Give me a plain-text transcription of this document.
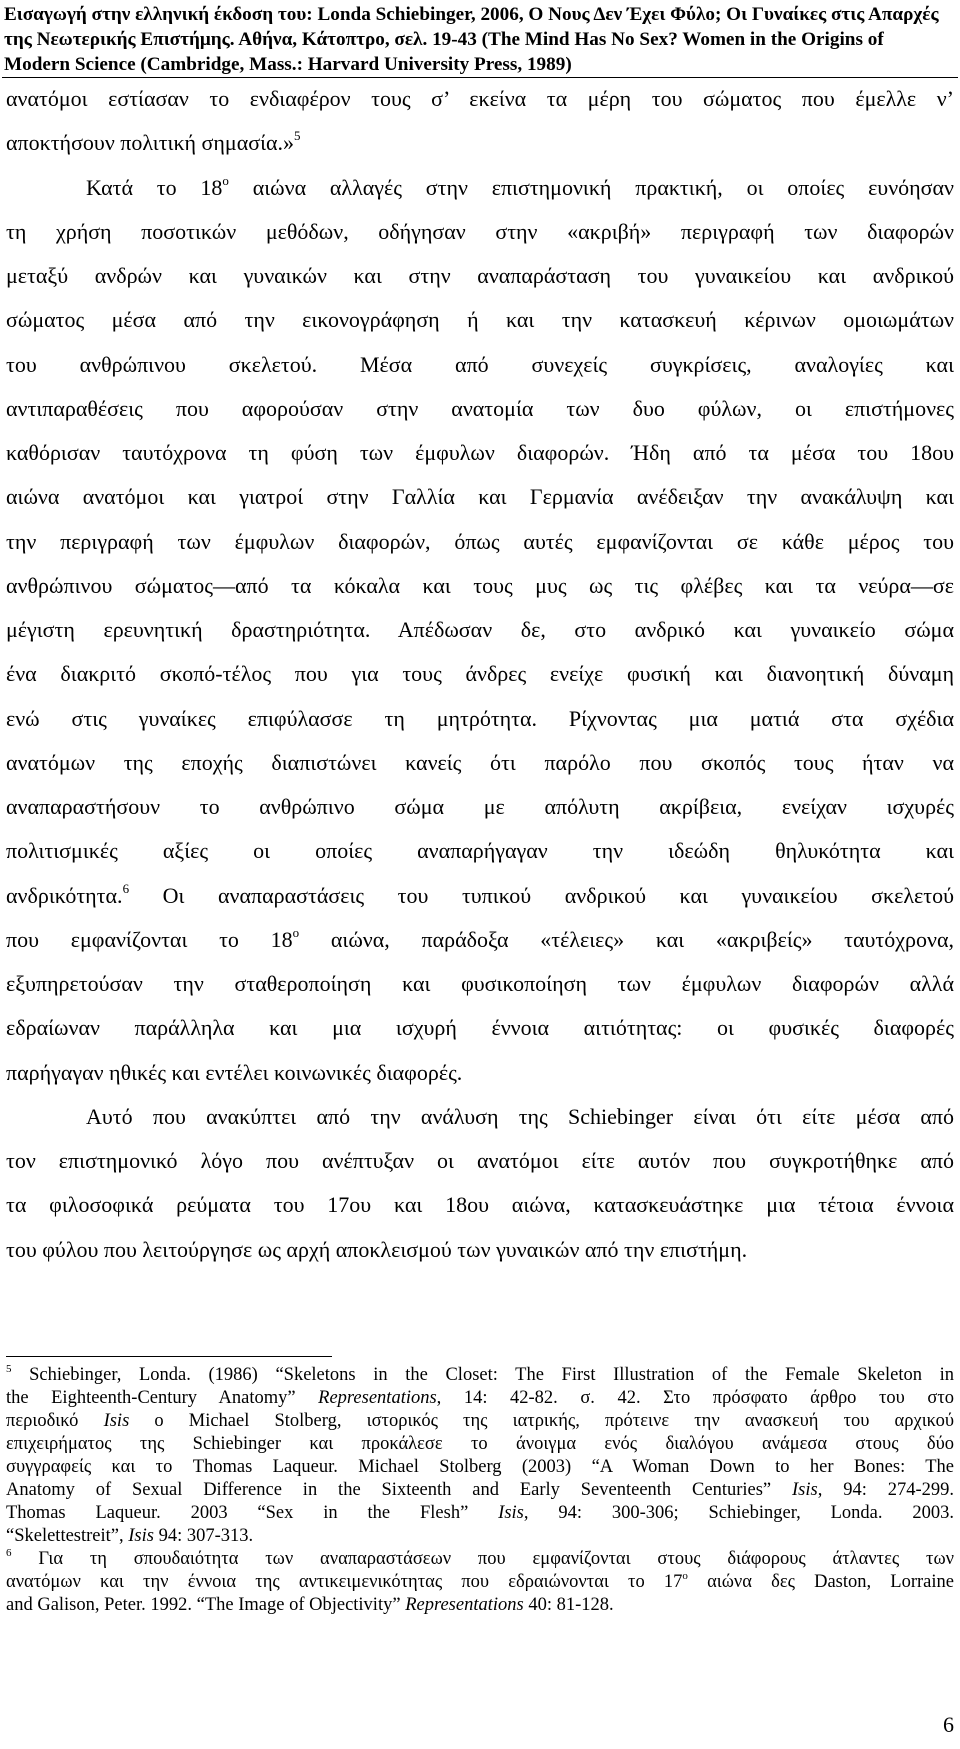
Εισαγωγή στην ελληνική έκδοση του: Londa Schiebinger, 2006, Ο Νους Δεν Έχει Φύλο; Οι Γυναίκες στις Απαρχές
της Νεωτερικής Επιστήμης. Αθήνα, Κάτοπτρο, σελ. 19-43 (The Mind Has No Sex? Women in the Origins of
Modern Science (Cambridge, Mass.: Harvard University Press, 1989)
ανατόμοι εστίασαν το ενδιαφέρον τους σ’ εκείνα τα μέρη του σώματος που έμελλε ν’
αποκτήσουν πολιτική σημασία.»$^5$
Κατά το $18^o$ αιώνα αλλαγές στην επιστημονική πρακτική, οι οποίες ευνόησαν
τη χρήση ποσοτικών μεθόδων, οδήγησαν στην «ακριβή» περιγραφή των διαφορών
μεταξύ ανδρών και γυναικών και στην αναπαράσταση του γυναικείου και ανδρικού
σώματος μέσα από την εικονογράφηση ή και την κατασκευή κέρινων ομοιωμάτων
του ανθρώπινου σκελετού. Μέσα από συνεχείς συγκρίσεις, αναλογίες και
αντιπαραθέσεις που αφορούσαν στην ανατομία των δυο φύλων, οι επιστήμονες
καθόρισαν ταυτόχρονα τη φύση των έμφυλων διαφορών. Ήδη από τα μέσα του 18ου
αιώνα ανατόμοι και γιατροί στην Γαλλία και Γερμανία ανέδειξαν την ανακάλυψη και
την περιγραφή των έμφυλων διαφορών, όπως αυτές εμφανίζονται σε κάθε μέρος του
ανθρώπινου σώματος—από τα κόκαλα και τους μυς ως τις φλέβες και τα νεύρα—σε
μέγιστη ερευνητική δραστηριότητα. Απέδωσαν δε, στο ανδρικό και γυναικείο σώμα
ένα διακριτό σκοπό-τέλος που για τους άνδρες ενείχε φυσική και διανοητική δύναμη
ενώ στις γυναίκες επιφύλασσε τη μητρότητα. Ρίχνοντας μια ματιά στα σχέδια
ανατόμων της εποχής διαπιστώνει κανείς ότι παρόλο που σκοπός τους ήταν να
αναπαραστήσουν το ανθρώπινο σώμα με απόλυτη ακρίβεια, ενείχαν ισχυρές
πολιτισμικές αξίες οι οποίες αναπαρήγαγαν την ιδεώδη θηλυκότητα και
ανδρικότητα.$^6$ Οι αναπαραστάσεις του τυπικού ανδρικού και γυναικείου σκελετού
που εμφανίζονται το $18^o$ αιώνα, παράδοξα «τέλειες» και «ακριβείς» ταυτόχρονα,
εξυπηρετούσαν την σταθεροποίηση και φυσικοποίηση των έμφυλων διαφορών αλλά
εδραίωναν παράλληλα και μια ισχυρή έννοια αιτιότητας: οι φυσικές διαφορές
παρήγαγαν ηθικές και εντέλει κοινωνικές διαφορές.
Αυτό που ανακύπτει από την ανάλυση της Schiebinger είναι ότι είτε μέσα από
τον επιστημονικό λόγο που ανέπτυξαν οι ανατόμοι είτε αυτόν που συγκροτήθηκε από
τα φιλοσοφικά ρεύματα του 17ου και 18ου αιώνα, κατασκευάστηκε μια τέτοια έννοια
του φύλου που λειτούργησε ως αρχή αποκλεισμού των γυναικών από την επιστήμη.
$^5$ Schiebinger, Londa. (1986) “Skeletons in the Closet: The First Illustration of the Female Skeleton in
the Eighteenth-Century Anatomy” Representations, 14: 42-82. σ. 42. Στο πρόσφατο άρθρο του στο
περιοδικό Isis ο Michael Stolberg, ιστορικός της ιατρικής, πρότεινε την ανασκευή του αρχικού
επιχειρήματος της Schiebinger και προκάλεσε το άνοιγμα ενός διαλόγου ανάμεσα στους δύο
συγγραφείς και το Thomas Laqueur. Michael Stolberg (2003) “A Woman Down to her Bones: The
Anatomy of Sexual Difference in the Sixteenth and Early Seventeenth Centuries” Isis, 94: 274-299.
Thomas Laqueur. 2003 “Sex in the Flesh” Isis, 94: 300-306; Schiebinger, Londa. 2003.
“Skelettestreit”, Isis 94: 307-313.
$^6$ Για τη σπουδαιότητα των αναπαραστάσεων που εμφανίζονται στους διάφορους άτλαντες των
ανατόμων και την έννοια της αντικειμενικότητας που εδραιώνονται το $17^o$ αιώνα δες Daston, Lorraine
and Galison, Peter. 1992. “The Image of Objectivity” Representations 40: 81-128.
6
